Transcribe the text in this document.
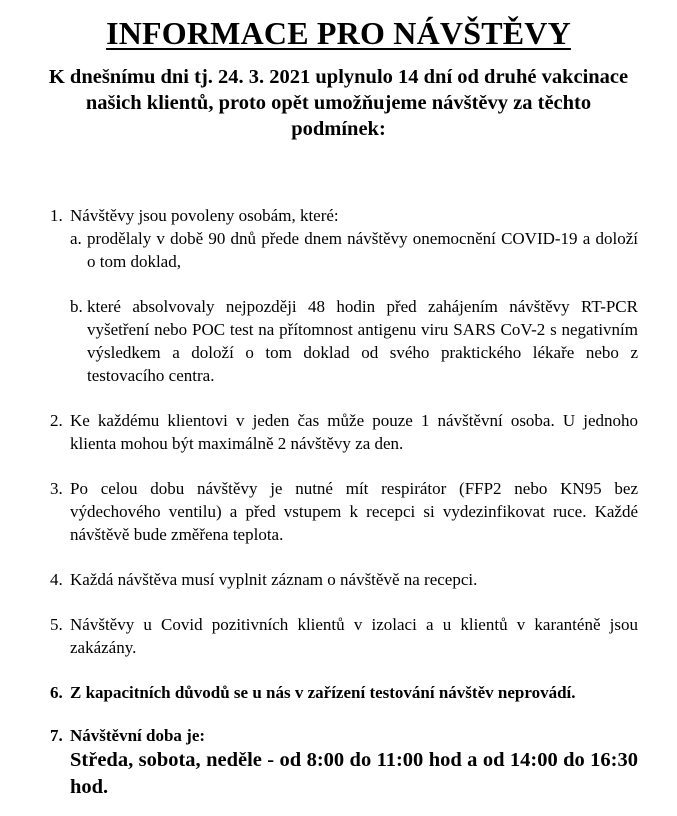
INFORMACE PRO NÁVŠTĚVY
K dnešnímu dni tj. 24. 3. 2021 uplynulo 14 dní od druhé vakcinace
našich klientů, proto opět umožňujeme návštěvy za těchto
podmínek:
1. Návštěvy jsou povoleny osobám, které:
a. prodělaly v době 90 dnů přede dnem návštěvy onemocnění COVID-19 a doloží o tom doklad,
b. které absolvovaly nejpozději 48 hodin před zahájením návštěvy RT-PCR vyšetření nebo POC test na přítomnost antigenu viru SARS CoV-2 s negativním výsledkem a doloží o tom doklad od svého praktického lékaře nebo z testovacího centra.
2. Ke každému klientovi v jeden čas může pouze 1 návštěvní osoba. U jednoho klienta mohou být maximálně 2 návštěvy za den.
3. Po celou dobu návštěvy je nutné mít respirátor (FFP2 nebo KN95 bez výdechového ventilu) a před vstupem k recepci si vydezinfikovat ruce. Každé návštěvě bude změřena teplota.
4. Každá návštěva musí vyplnit záznam o návštěvě na recepci.
5. Návštěvy u Covid pozitivních klientů v izolaci a u klientů v karanténě jsou zakázány.
6. Z kapacitních důvodů se u nás v zařízení testování návštěv neprovádí.
7. Návštěvní doba je:
Středa, sobota, neděle - od 8:00 do 11:00 hod a od 14:00 do 16:30 hod.
